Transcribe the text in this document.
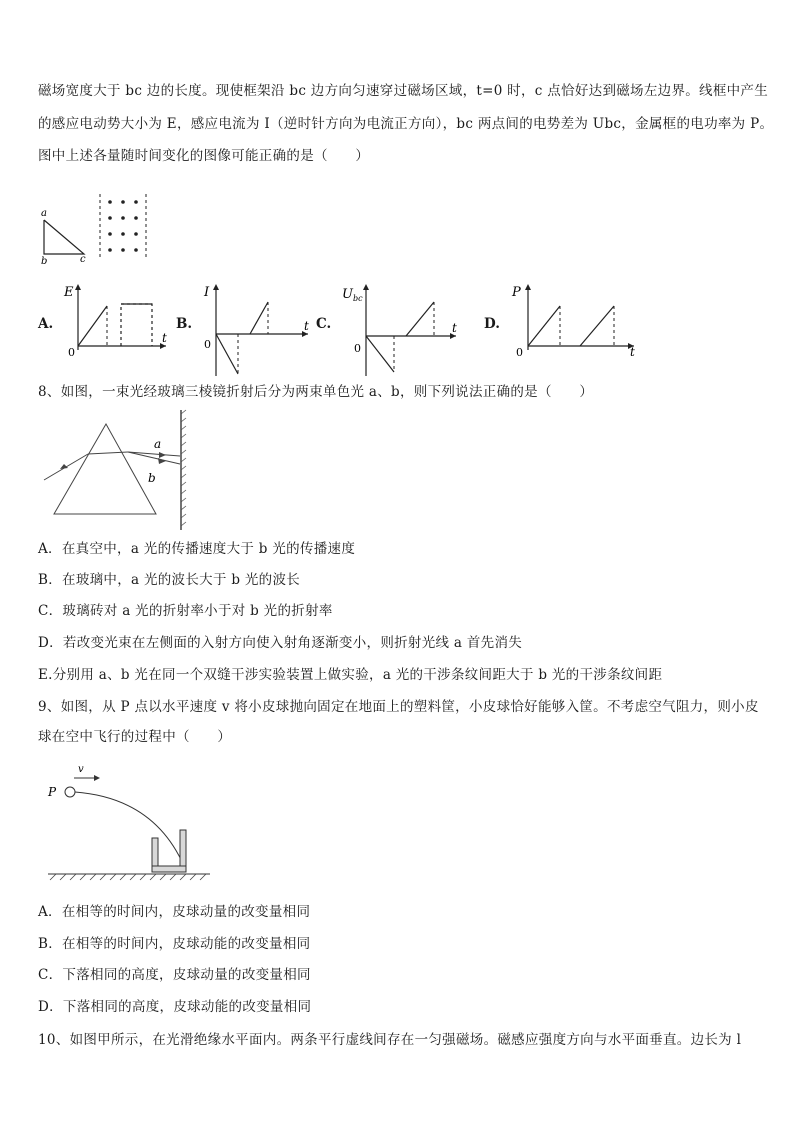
磁场宽度大于 bc 边的长度。现使框架沿 bc 边方向匀速穿过磁场区域，t=0 时，c 点恰好达到磁场左边界。线框中产生
的感应电动势大小为 E，感应电流为 I（逆时针方向为电流正方向），bc 两点间的电势差为 Ubc，金属框的电功率为 P。
图中上述各量随时间变化的图像可能正确的是（　　）
a
b	c
A.
E
t
0
B.
I
t
0
C.
$U_{bc}$
t
0
D.
P
t
0
8、如图，一束光经玻璃三棱镜折射后分为两束单色光 a、b，则下列说法正确的是（　　）
a
b
A．在真空中，a 光的传播速度大于 b 光的传播速度
B．在玻璃中，a 光的波长大于 b 光的波长
C．玻璃砖对 a 光的折射率小于对 b 光的折射率
D．若改变光束在左侧面的入射方向使入射角逐渐变小，则折射光线 a 首先消失
E.分别用 a、b 光在同一个双缝干涉实验装置上做实验，a 光的干涉条纹间距大于 b 光的干涉条纹间距
9、如图，从 P 点以水平速度 v 将小皮球抛向固定在地面上的塑料筐，小皮球恰好能够入筐。不考虑空气阻力，则小皮
球在空中飞行的过程中（　　）
P
v
A．在相等的时间内，皮球动量的改变量相同
B．在相等的时间内，皮球动能的改变量相同
C．下落相同的高度，皮球动量的改变量相同
D．下落相同的高度，皮球动能的改变量相同
10、如图甲所示，在光滑绝缘水平面内。两条平行虚线间存在一匀强磁场。磁感应强度方向与水平面垂直。边长为 l
